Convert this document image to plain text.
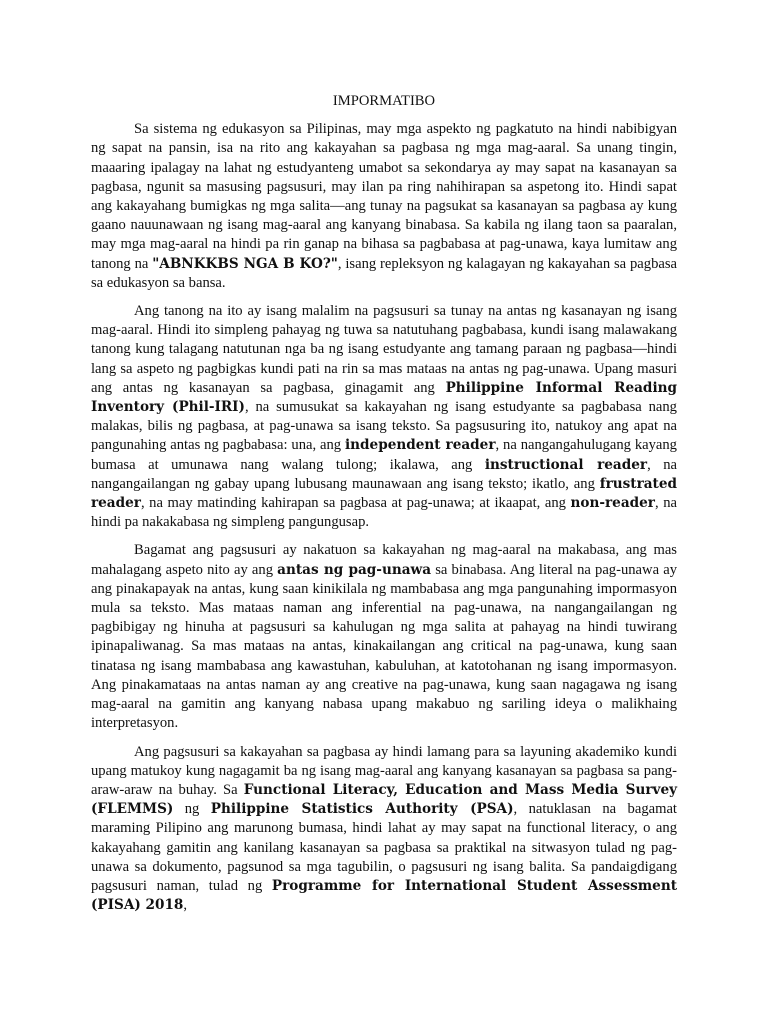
IMPORMATIBO

Sa sistema ng edukasyon sa Pilipinas, may mga aspekto ng pagkatuto na hindi nabibigyan ng sapat na pansin, isa na rito ang kakayahan sa pagbasa ng mga mag-aaral. Sa unang tingin, maaaring ipalagay na lahat ng estudyanteng umabot sa sekondarya ay may sapat na kasanayan sa pagbasa, ngunit sa masusing pagsusuri, may ilan pa ring nahihirapan sa aspetong ito. Hindi sapat ang kakayahang bumigkas ng mga salita—ang tunay na pagsukat sa kasanayan sa pagbasa ay kung gaano nauunawaan ng isang mag-aaral ang kanyang binabasa. Sa kabila ng ilang taon sa paaralan, may mga mag-aaral na hindi pa rin ganap na bihasa sa pagbabasa at pag-unawa, kaya lumitaw ang tanong na "ABNKKBS NGA B KO?", isang repleksyon ng kalagayan ng kakayahan sa pagbasa sa edukasyon sa bansa.

Ang tanong na ito ay isang malalim na pagsusuri sa tunay na antas ng kasanayan ng isang mag-aaral. Hindi ito simpleng pahayag ng tuwa sa natutuhang pagbabasa, kundi isang malawakang tanong kung talagang natutunan nga ba ng isang estudyante ang tamang paraan ng pagbasa—hindi lang sa aspeto ng pagbigkas kundi pati na rin sa mas mataas na antas ng pag-unawa. Upang masuri ang antas ng kasanayan sa pagbasa, ginagamit ang Philippine Informal Reading Inventory (Phil-IRI), na sumusukat sa kakayahan ng isang estudyante sa pagbabasa nang malakas, bilis ng pagbasa, at pag-unawa sa isang teksto. Sa pagsusuring ito, natukoy ang apat na pangunahing antas ng pagbabasa: una, ang independent reader, na nangangahulugang kayang bumasa at umunawa nang walang tulong; ikalawa, ang instructional reader, na nangangailangan ng gabay upang lubusang maunawaan ang isang teksto; ikatlo, ang frustrated reader, na may matinding kahirapan sa pagbasa at pag-unawa; at ikaapat, ang non-reader, na hindi pa nakakabasa ng simpleng pangungusap.

Bagamat ang pagsusuri ay nakatuon sa kakayahan ng mag-aaral na makabasa, ang mas mahalagang aspeto nito ay ang antas ng pag-unawa sa binabasa. Ang literal na pag-unawa ay ang pinakapayak na antas, kung saan kinikilala ng mambabasa ang mga pangunahing impormasyon mula sa teksto. Mas mataas naman ang inferential na pag-unawa, na nangangailangan ng pagbibigay ng hinuha at pagsusuri sa kahulugan ng mga salita at pahayag na hindi tuwirang ipinapaliwanag. Sa mas mataas na antas, kinakailangan ang critical na pag-unawa, kung saan tinatasa ng isang mambabasa ang kawastuhan, kabuluhan, at katotohanan ng isang impormasyon. Ang pinakamataas na antas naman ay ang creative na pag-unawa, kung saan nagagawa ng isang mag-aaral na gamitin ang kanyang nabasa upang makabuo ng sariling ideya o malikhaing interpretasyon.

Ang pagsusuri sa kakayahan sa pagbasa ay hindi lamang para sa layuning akademiko kundi upang matukoy kung nagagamit ba ng isang mag-aaral ang kanyang kasanayan sa pagbasa sa pang-araw-araw na buhay. Sa Functional Literacy, Education and Mass Media Survey (FLEMMS) ng Philippine Statistics Authority (PSA), natuklasan na bagamat maraming Pilipino ang marunong bumasa, hindi lahat ay may sapat na functional literacy, o ang kakayahang gamitin ang kanilang kasanayan sa pagbasa sa praktikal na sitwasyon tulad ng pag-unawa sa dokumento, pagsunod sa mga tagubilin, o pagsusuri ng isang balita. Sa pandaigdigang pagsusuri naman, tulad ng Programme for International Student Assessment (PISA) 2018,
